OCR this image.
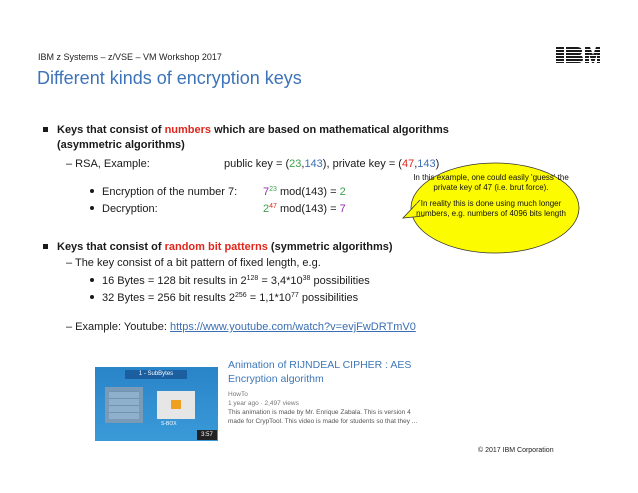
IBM z Systems – z/VSE – VM Workshop 2017
Different kinds of encryption keys
Keys that consist of numbers which are based on mathematical algorithms
(asymmetric algorithms)
– RSA, Example:	public key = (23,143), private key = (47,143)
Encryption of the number 7: $7^{23}$ mod(143) = 2
Decryption:	$2^{47}$ mod(143) = 7
In this example, one could easily 'guess' the private key of 47 (i.e. brut force).
In reality this is done using much longer numbers, e.g. numbers of 4096 bits length
Keys that consist of random bit patterns (symmetric algorithms)
– The key consist of a bit pattern of fixed length, e.g.
16 Bytes = 128 bit results in $2^{128} = 3,4*10^{38}$ possibilities
32 Bytes = 256 bit results $2^{256} = 1,1*10^{77}$ possibilities
– Example: Youtube: https://www.youtube.com/watch?v=evjFwDRTmV0
1 - SubBytes
S-BOX
3:57
Animation of RIJNDEAL CIPHER : AES Encryption algorithm
HowTo
1 year ago · 2,497 views
This animation is made by Mr. Enrique Zabala. This is version 4 made for CrypTool. This video is made for students so that they ...
© 2017 IBM Corporation
